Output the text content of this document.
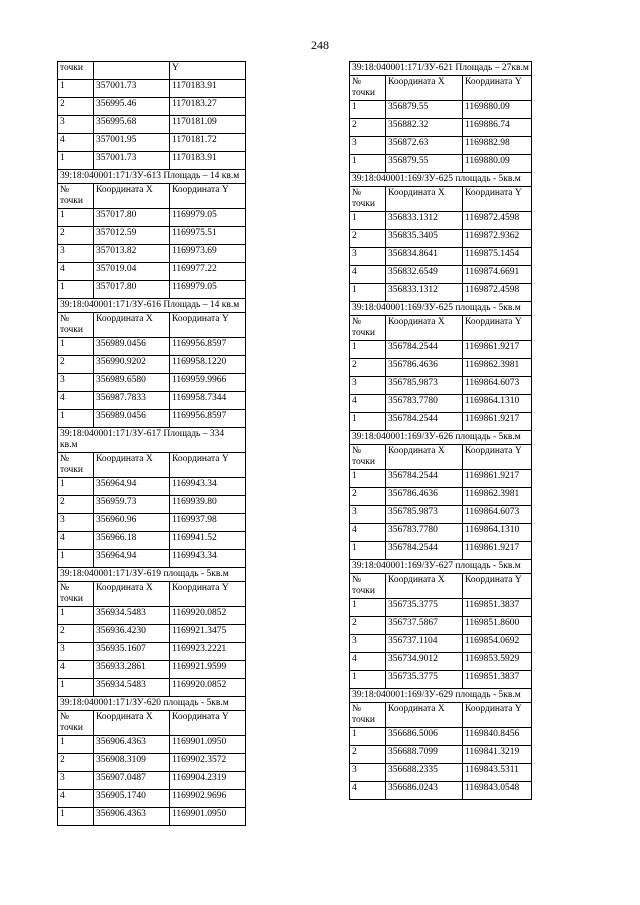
248
точки		Y
1	357001.73	1170183.91
2	356995.46	1170183.27
3	356995.68	1170181.09
4	357001.95	1170181.72
1	357001.73	1170183.91
39:18:040001:171/ЗУ-613 Площадь – 14 кв.м		
№ точки	Координата X	Координата Y
1	357017.80	1169979.05
2	357012.59	1169975.51
3	357013.82	1169973.69
4	357019.04	1169977.22
1	357017.80	1169979.05
39:18:040001:171/ЗУ-616 Площадь – 14 кв.м		
№ точки	Координата X	Координата Y
1	356989.0456	1169956.8597
2	356990.9202	1169958.1220
3	356989.6580	1169959.9966
4	356987.7833	1169958.7344
1	356989.0456	1169956.8597
39:18:040001:171/ЗУ-617 Площадь – 334 кв.м		
№ точки	Координата X	Координата Y
1	356964.94	1169943.34
2	356959.73	1169939.80
3	356960.96	1169937.98
4	356966.18	1169941.52
1	356964.94	1169943.34
39:18:040001:171/ЗУ-619 площадь - 5кв.м		
№ точки	Координата X	Координата Y
1	356934.5483	1169920.0852
2	356936.4230	1169921.3475
3	356935.1607	1169923.2221
4	356933.2861	1169921.9599
1	356934.5483	1169920.0852
39:18:040001:171/ЗУ-620 площадь - 5кв.м		
№ точки	Координата X	Координата Y
1	356906.4363	1169901.0950
2	356908.3109	1169902.3572
3	356907.0487	1169904.2319
4	356905.1740	1169902.9696
1	356906.4363	1169901.0950
39:18:040001:171/ЗУ-621 Площадь – 27кв.м		
№ точки	Координата X	Координата Y
1	356879.55	1169880.09
2	356882.32	1169886.74
3	356872.63	1169882.98
1	356879.55	1169880.09
39:18:040001:169/ЗУ-625 площадь - 5кв.м		
№ точки	Координата X	Координата Y
1	356833.1312	1169872.4598
2	356835.3405	1169872.9362
3	356834.8641	1169875.1454
4	356832.6549	1169874.6691
1	356833.1312	1169872.4598
39:18:040001:169/ЗУ-625 площадь - 5кв.м		
№ точки	Координата X	Координата Y
1	356784.2544	1169861.9217
2	356786.4636	1169862.3981
3	356785.9873	1169864.6073
4	356783.7780	1169864.1310
1	356784.2544	1169861.9217
39:18:040001:169/ЗУ-626 площадь - 5кв.м		
№ точки	Координата X	Координата Y
1	356784.2544	1169861.9217
2	356786.4636	1169862.3981
3	356785.9873	1169864.6073
4	356783.7780	1169864.1310
1	356784.2544	1169861.9217
39:18:040001:169/ЗУ-627 площадь - 5кв.м		
№ точки	Координата X	Координата Y
1	356735.3775	1169851.3837
2	356737.5867	1169851.8600
3	356737.1104	1169854.0692
4	356734.9012	1169853.5929
1	356735.3775	1169851.3837
39:18:040001:169/ЗУ-629 площадь - 5кв.м		
№ точки	Координата X	Координата Y
1	356686.5006	1169840.8456
2	356688.7099	1169841.3219
3	356688.2335	1169843.5311
4	356686.0243	1169843.0548
